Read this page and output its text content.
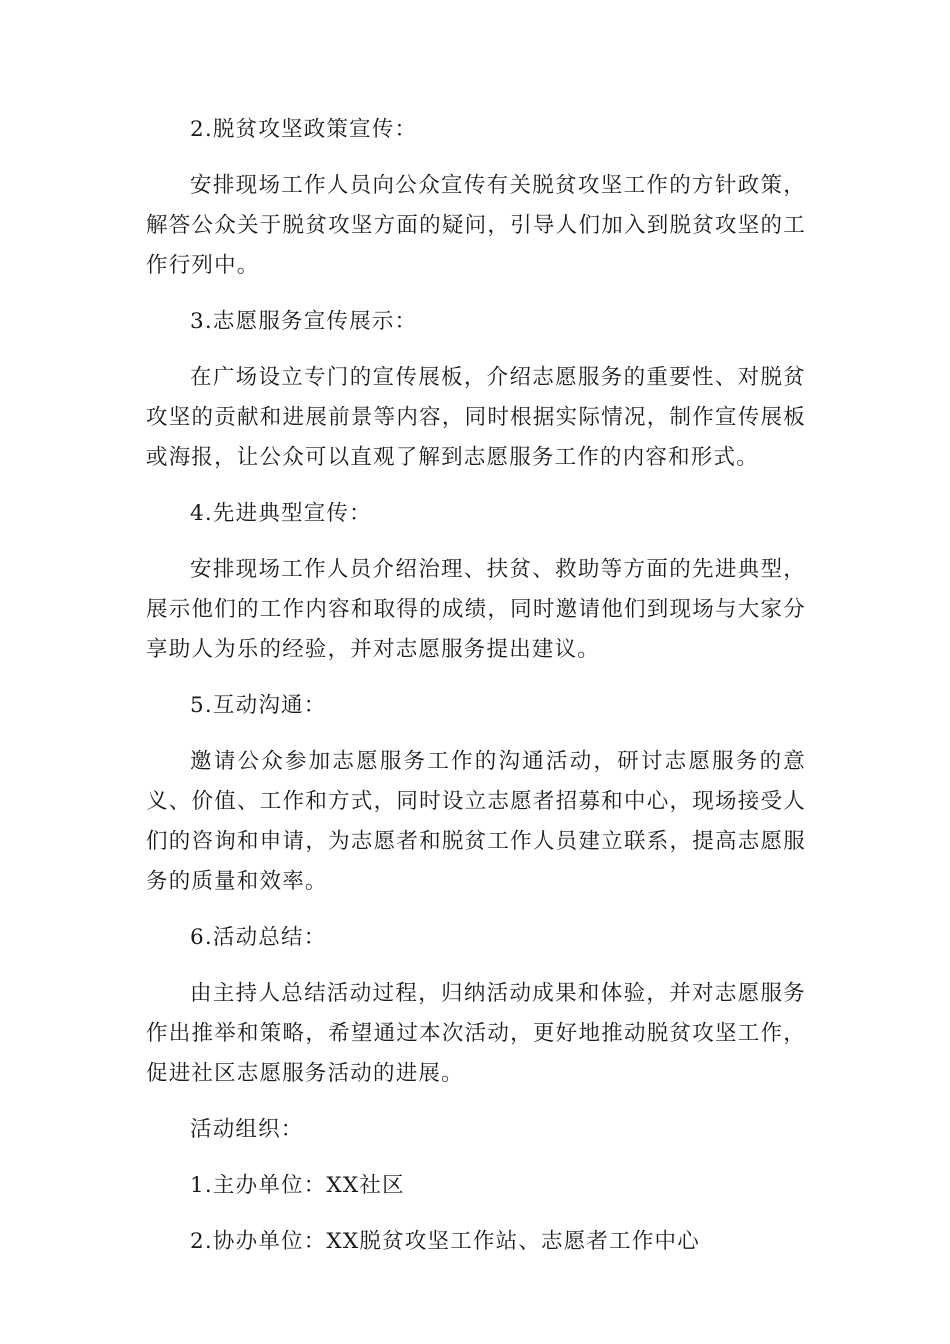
2.脱贫攻坚政策宣传：

安排现场工作人员向公众宣传有关脱贫攻坚工作的方针政策，解答公众关于脱贫攻坚方面的疑问，引导人们加入到脱贫攻坚的工作行列中。

3.志愿服务宣传展示：

在广场设立专门的宣传展板，介绍志愿服务的重要性、对脱贫攻坚的贡献和进展前景等内容，同时根据实际情况，制作宣传展板或海报，让公众可以直观了解到志愿服务工作的内容和形式。

4.先进典型宣传：

安排现场工作人员介绍治理、扶贫、救助等方面的先进典型，展示他们的工作内容和取得的成绩，同时邀请他们到现场与大家分享助人为乐的经验，并对志愿服务提出建议。

5.互动沟通：

邀请公众参加志愿服务工作的沟通活动，研讨志愿服务的意义、价值、工作和方式，同时设立志愿者招募和中心，现场接受人们的咨询和申请，为志愿者和脱贫工作人员建立联系，提高志愿服务的质量和效率。

6.活动总结：

由主持人总结活动过程，归纳活动成果和体验，并对志愿服务作出推举和策略，希望通过本次活动，更好地推动脱贫攻坚工作，促进社区志愿服务活动的进展。

活动组织：

1.主办单位：XX社区

2.协办单位：XX脱贫攻坚工作站、志愿者工作中心
